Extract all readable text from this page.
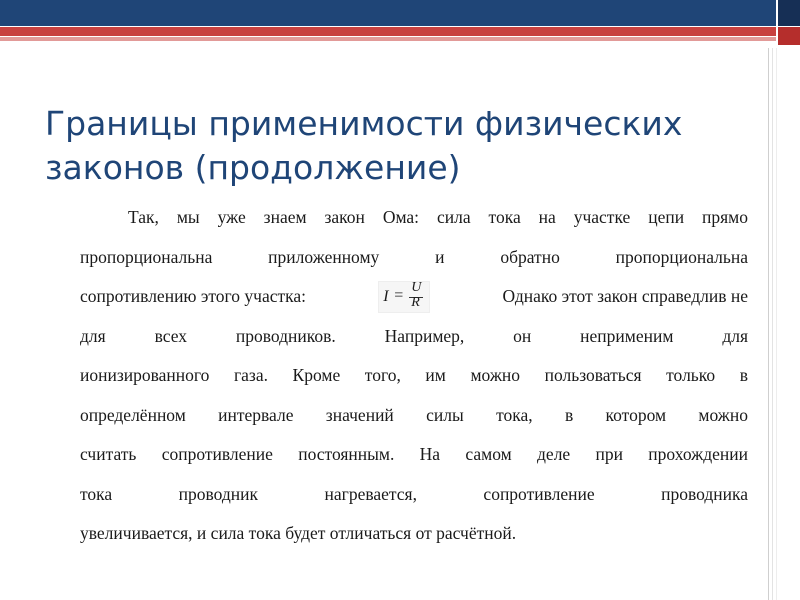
Границы применимости физических
законов (продолжение)
Так, мы уже знаем закон Ома: сила тока на участке цепи прямо
пропорциональна приложенному и обратно пропорциональна
сопротивлению этого участка:	I = U
R	Однако этот закон справедлив не
для всех проводников. Например, он неприменим для
ионизированного газа. Кроме того, им можно пользоваться только в
определённом интервале значений силы тока, в котором можно
считать сопротивление постоянным. На самом деле при прохождении
тока проводник нагревается, сопротивление проводника
увеличивается, и сила тока будет отличаться от расчётной.
